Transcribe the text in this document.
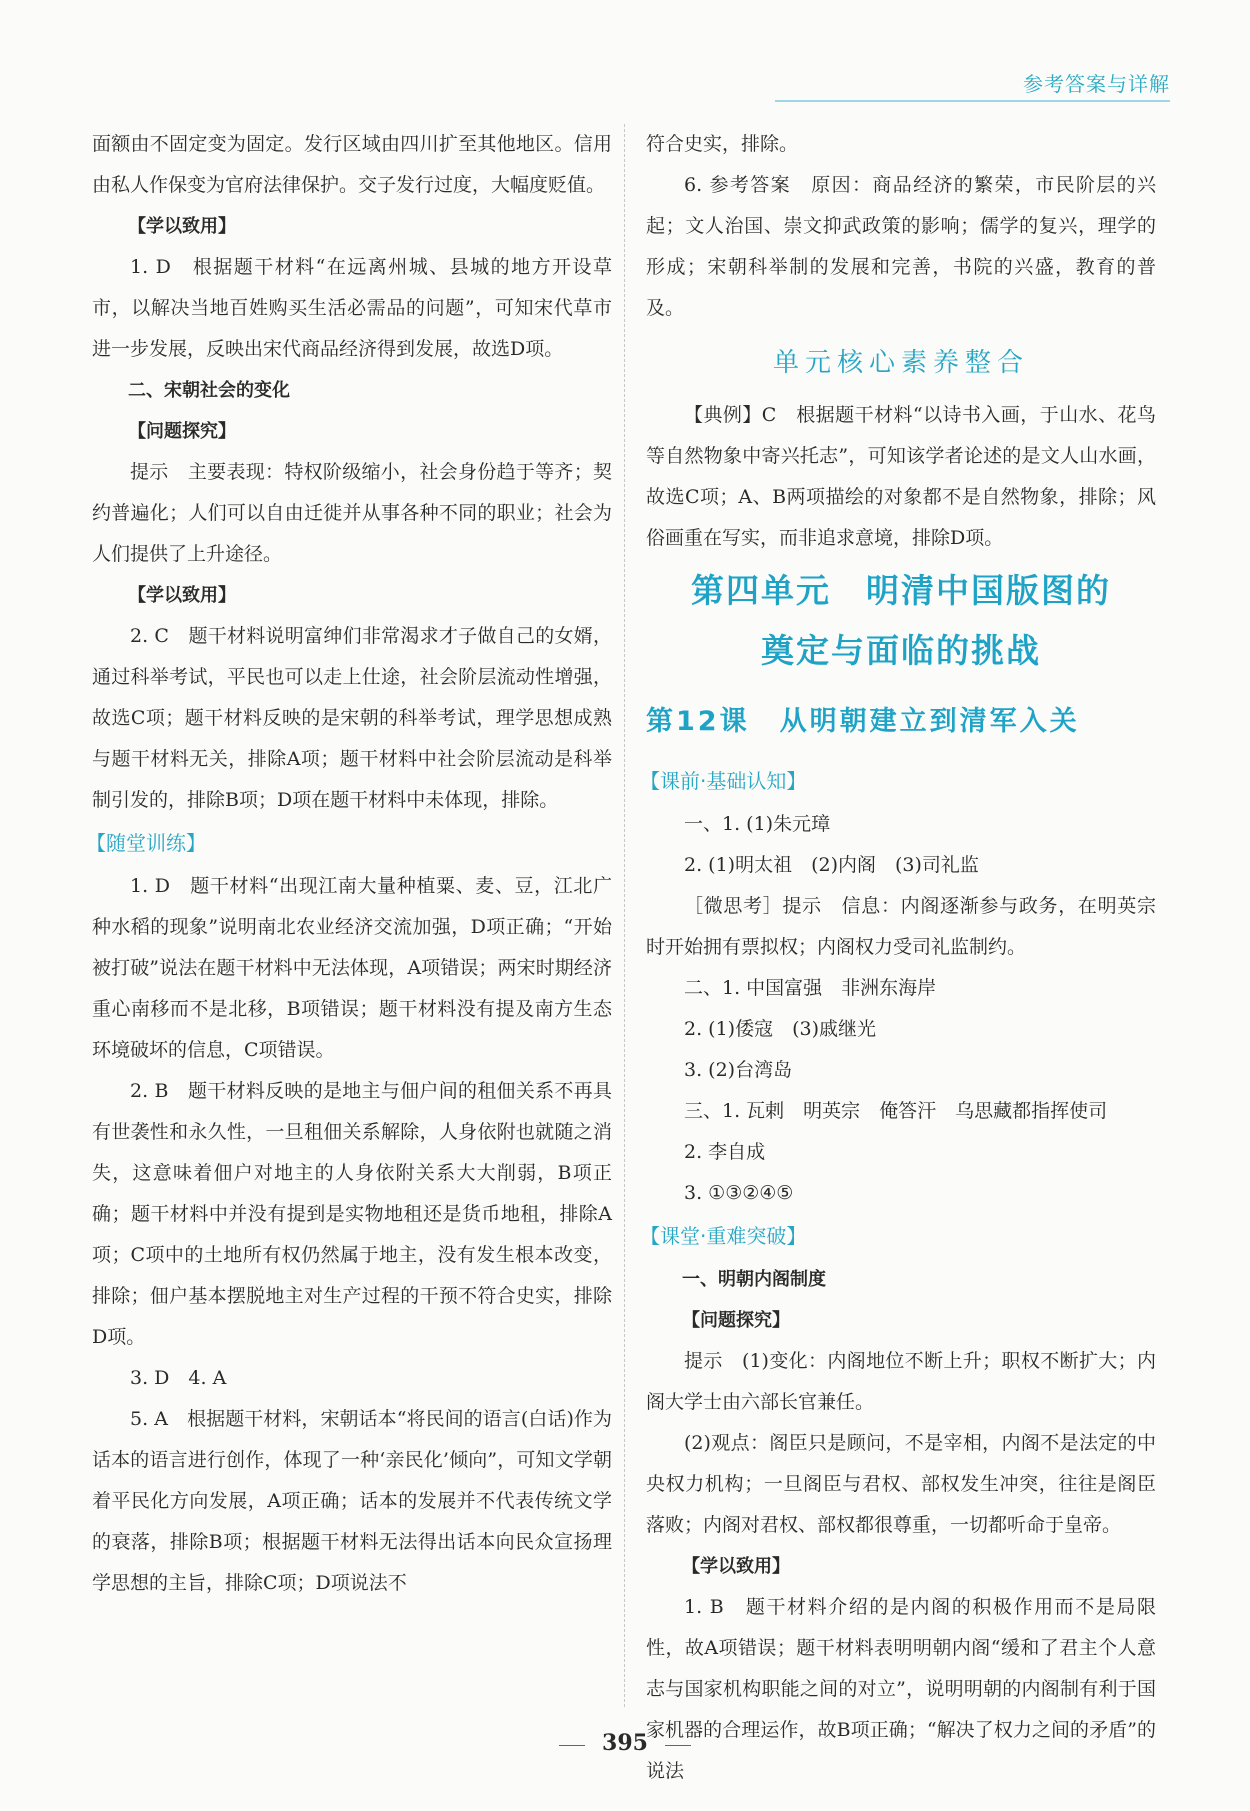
参考答案与详解

面额由不固定变为固定。发行区域由四川扩至其他地区。信用由私人作保变为官府法律保护。交子发行过度，大幅度贬值。

【学以致用】

1. D　根据题干材料“在远离州城、县城的地方开设草市，以解决当地百姓购买生活必需品的问题”，可知宋代草市进一步发展，反映出宋代商品经济得到发展，故选D项。

二、宋朝社会的变化

【问题探究】

提示　主要表现：特权阶级缩小，社会身份趋于等齐；契约普遍化；人们可以自由迁徙并从事各种不同的职业；社会为人们提供了上升途径。

【学以致用】

2. C　题干材料说明富绅们非常渴求才子做自己的女婿，通过科举考试，平民也可以走上仕途，社会阶层流动性增强，故选C项；题干材料反映的是宋朝的科举考试，理学思想成熟与题干材料无关，排除A项；题干材料中社会阶层流动是科举制引发的，排除B项；D项在题干材料中未体现，排除。

【随堂训练】

1. D　题干材料“出现江南大量种植粟、麦、豆，江北广种水稻的现象”说明南北农业经济交流加强，D项正确；“开始被打破”说法在题干材料中无法体现，A项错误；两宋时期经济重心南移而不是北移，B项错误；题干材料没有提及南方生态环境破坏的信息，C项错误。

2. B　题干材料反映的是地主与佃户间的租佃关系不再具有世袭性和永久性，一旦租佃关系解除，人身依附也就随之消失，这意味着佃户对地主的人身依附关系大大削弱，B项正确；题干材料中并没有提到是实物地租还是货币地租，排除A项；C项中的土地所有权仍然属于地主，没有发生根本改变，排除；佃户基本摆脱地主对生产过程的干预不符合史实，排除D项。

3. D　4. A

5. A　根据题干材料，宋朝话本“将民间的语言(白话)作为话本的语言进行创作，体现了一种‘亲民化’倾向”，可知文学朝着平民化方向发展，A项正确；话本的发展并不代表传统文学的衰落，排除B项；根据题干材料无法得出话本向民众宣扬理学思想的主旨，排除C项；D项说法不

符合史实，排除。

6. 参考答案　原因：商品经济的繁荣，市民阶层的兴起；文人治国、崇文抑武政策的影响；儒学的复兴，理学的形成；宋朝科举制的发展和完善，书院的兴盛，教育的普及。

单元核心素养整合

【典例】C　根据题干材料“以诗书入画，于山水、花鸟等自然物象中寄兴托志”，可知该学者论述的是文人山水画，故选C项；A、B两项描绘的对象都不是自然物象，排除；风俗画重在写实，而非追求意境，排除D项。

第四单元　明清中国版图的
奠定与面临的挑战
第12课　从明朝建立到清军入关
【课前·基础认知】

一、1. (1)朱元璋

2. (1)明太祖　(2)内阁　(3)司礼监

［微思考］提示　信息：内阁逐渐参与政务，在明英宗时开始拥有票拟权；内阁权力受司礼监制约。

二、1. 中国富强　非洲东海岸

2. (1)倭寇　(3)戚继光

3. (2)台湾岛

三、1. 瓦剌　明英宗　俺答汗　乌思藏都指挥使司

2. 李自成

3. ①③②④⑤

【课堂·重难突破】

一、明朝内阁制度

【问题探究】

提示　(1)变化：内阁地位不断上升；职权不断扩大；内阁大学士由六部长官兼任。

(2)观点：阁臣只是顾问，不是宰相，内阁不是法定的中央权力机构；一旦阁臣与君权、部权发生冲突，往往是阁臣落败；内阁对君权、部权都很尊重，一切都听命于皇帝。

【学以致用】

1. B　题干材料介绍的是内阁的积极作用而不是局限性，故A项错误；题干材料表明明朝内阁“缓和了君主个人意志与国家机构职能之间的对立”，说明明朝的内阁制有利于国家机器的合理运作，故B项正确；“解决了权力之间的矛盾”的说法

395
